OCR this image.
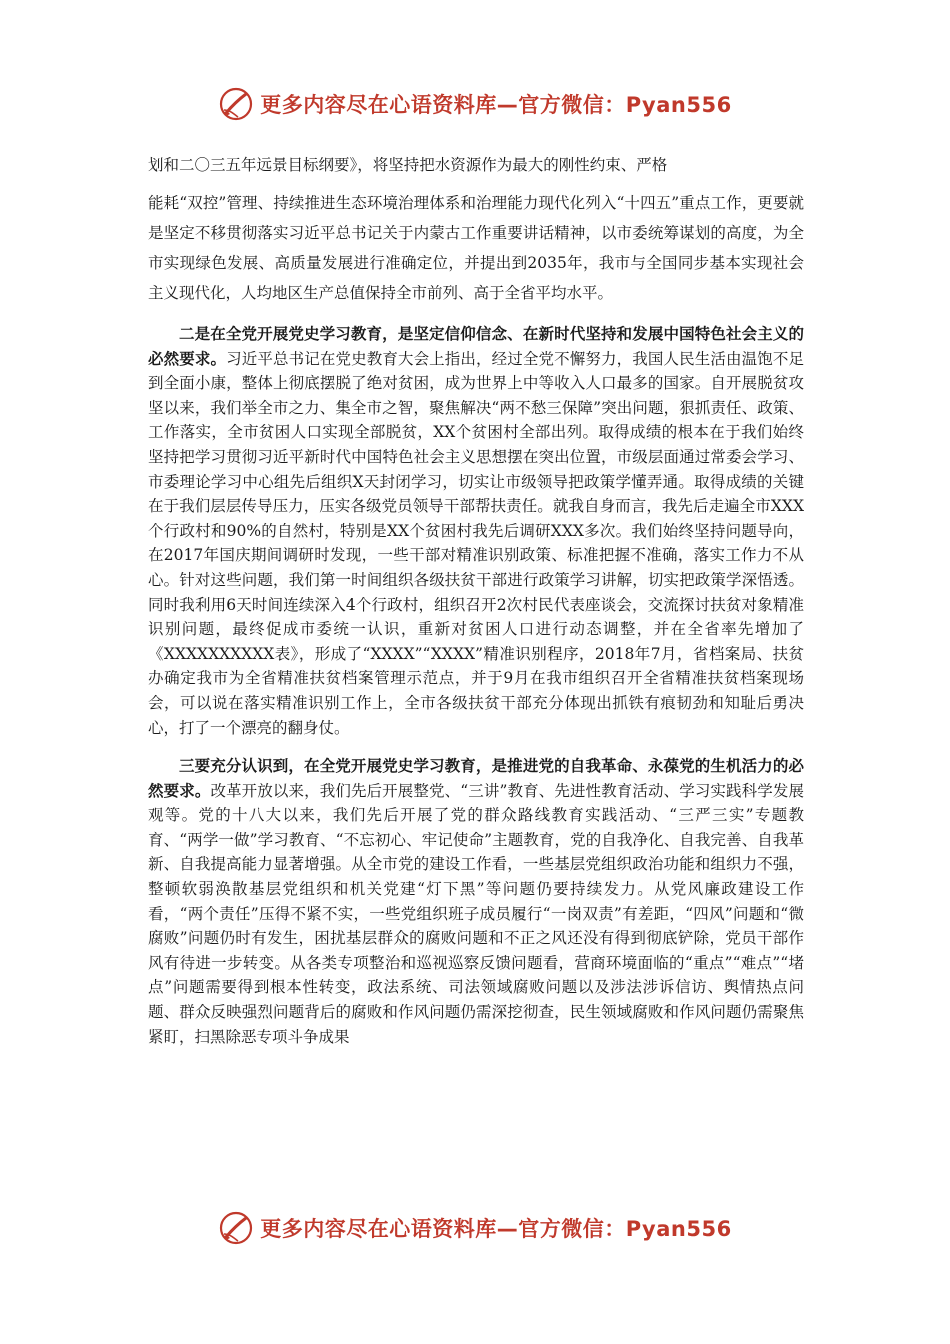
更多内容尽在心语资料库—官方微信：Pyan556

划和二〇三五年远景目标纲要》，将坚持把水资源作为最大的刚性约束、严格
能耗“双控”管理、持续推进生态环境治理体系和治理能力现代化列入“十四五”重点工作，更要就是坚定不移贯彻落实习近平总书记关于内蒙古工作重要讲话精神，以市委统筹谋划的高度，为全市实现绿色发展、高质量发展进行准确定位，并提出到2035年，我市与全国同步基本实现社会主义现代化，人均地区生产总值保持全市前列、高于全省平均水平。

二是在全党开展党史学习教育，是坚定信仰信念、在新时代坚持和发展中国特色社会主义的必然要求。习近平总书记在党史教育大会上指出，经过全党不懈努力，我国人民生活由温饱不足到全面小康，整体上彻底摆脱了绝对贫困，成为世界上中等收入人口最多的国家。自开展脱贫攻坚以来，我们举全市之力、集全市之智，聚焦解决“两不愁三保障”突出问题，狠抓责任、政策、工作落实，全市贫困人口实现全部脱贫，XX个贫困村全部出列。取得成绩的根本在于我们始终坚持把学习贯彻习近平新时代中国特色社会主义思想摆在突出位置，市级层面通过常委会学习、市委理论学习中心组先后组织X天封闭学习，切实让市级领导把政策学懂弄通。取得成绩的关键在于我们层层传导压力，压实各级党员领导干部帮扶责任。就我自身而言，我先后走遍全市XXX个行政村和90%的自然村，特别是XX个贫困村我先后调研XXX多次。我们始终坚持问题导向，在2017年国庆期间调研时发现，一些干部对精准识别政策、标准把握不准确，落实工作力不从心。针对这些问题，我们第一时间组织各级扶贫干部进行政策学习讲解，切实把政策学深悟透。同时我利用6天时间连续深入4个行政村，组织召开2次村民代表座谈会，交流探讨扶贫对象精准识别问题，最终促成市委统一认识，重新对贫困人口进行动态调整，并在全省率先增加了《XXXXXXXXXX表》，形成了“XXXX”“XXXX”精准识别程序，2018年7月，省档案局、扶贫办确定我市为全省精准扶贫档案管理示范点，并于9月在我市组织召开全省精准扶贫档案现场会，可以说在落实精准识别工作上，全市各级扶贫干部充分体现出抓铁有痕韧劲和知耻后勇决心，打了一个漂亮的翻身仗。

三要充分认识到，在全党开展党史学习教育，是推进党的自我革命、永葆党的生机活力的必然要求。改革开放以来，我们先后开展整党、“三讲”教育、先进性教育活动、学习实践科学发展观等。党的十八大以来，我们先后开展了党的群众路线教育实践活动、“三严三实”专题教育、“两学一做”学习教育、“不忘初心、牢记使命”主题教育，党的自我净化、自我完善、自我革新、自我提高能力显著增强。从全市党的建设工作看，一些基层党组织政治功能和组织力不强，整顿软弱涣散基层党组织和机关党建“灯下黑”等问题仍要持续发力。从党风廉政建设工作看，“两个责任”压得不紧不实，一些党组织班子成员履行“一岗双责”有差距，“四风”问题和“微腐败”问题仍时有发生，困扰基层群众的腐败问题和不正之风还没有得到彻底铲除，党员干部作风有待进一步转变。从各类专项整治和巡视巡察反馈问题看，营商环境面临的“重点”“难点”“堵点”问题需要得到根本性转变，政法系统、司法领域腐败问题以及涉法涉诉信访、舆情热点问题、群众反映强烈问题背后的腐败和作风问题仍需深挖彻查，民生领域腐败和作风问题仍需聚焦紧盯，扫黑除恶专项斗争成果

更多内容尽在心语资料库—官方微信：Pyan556
